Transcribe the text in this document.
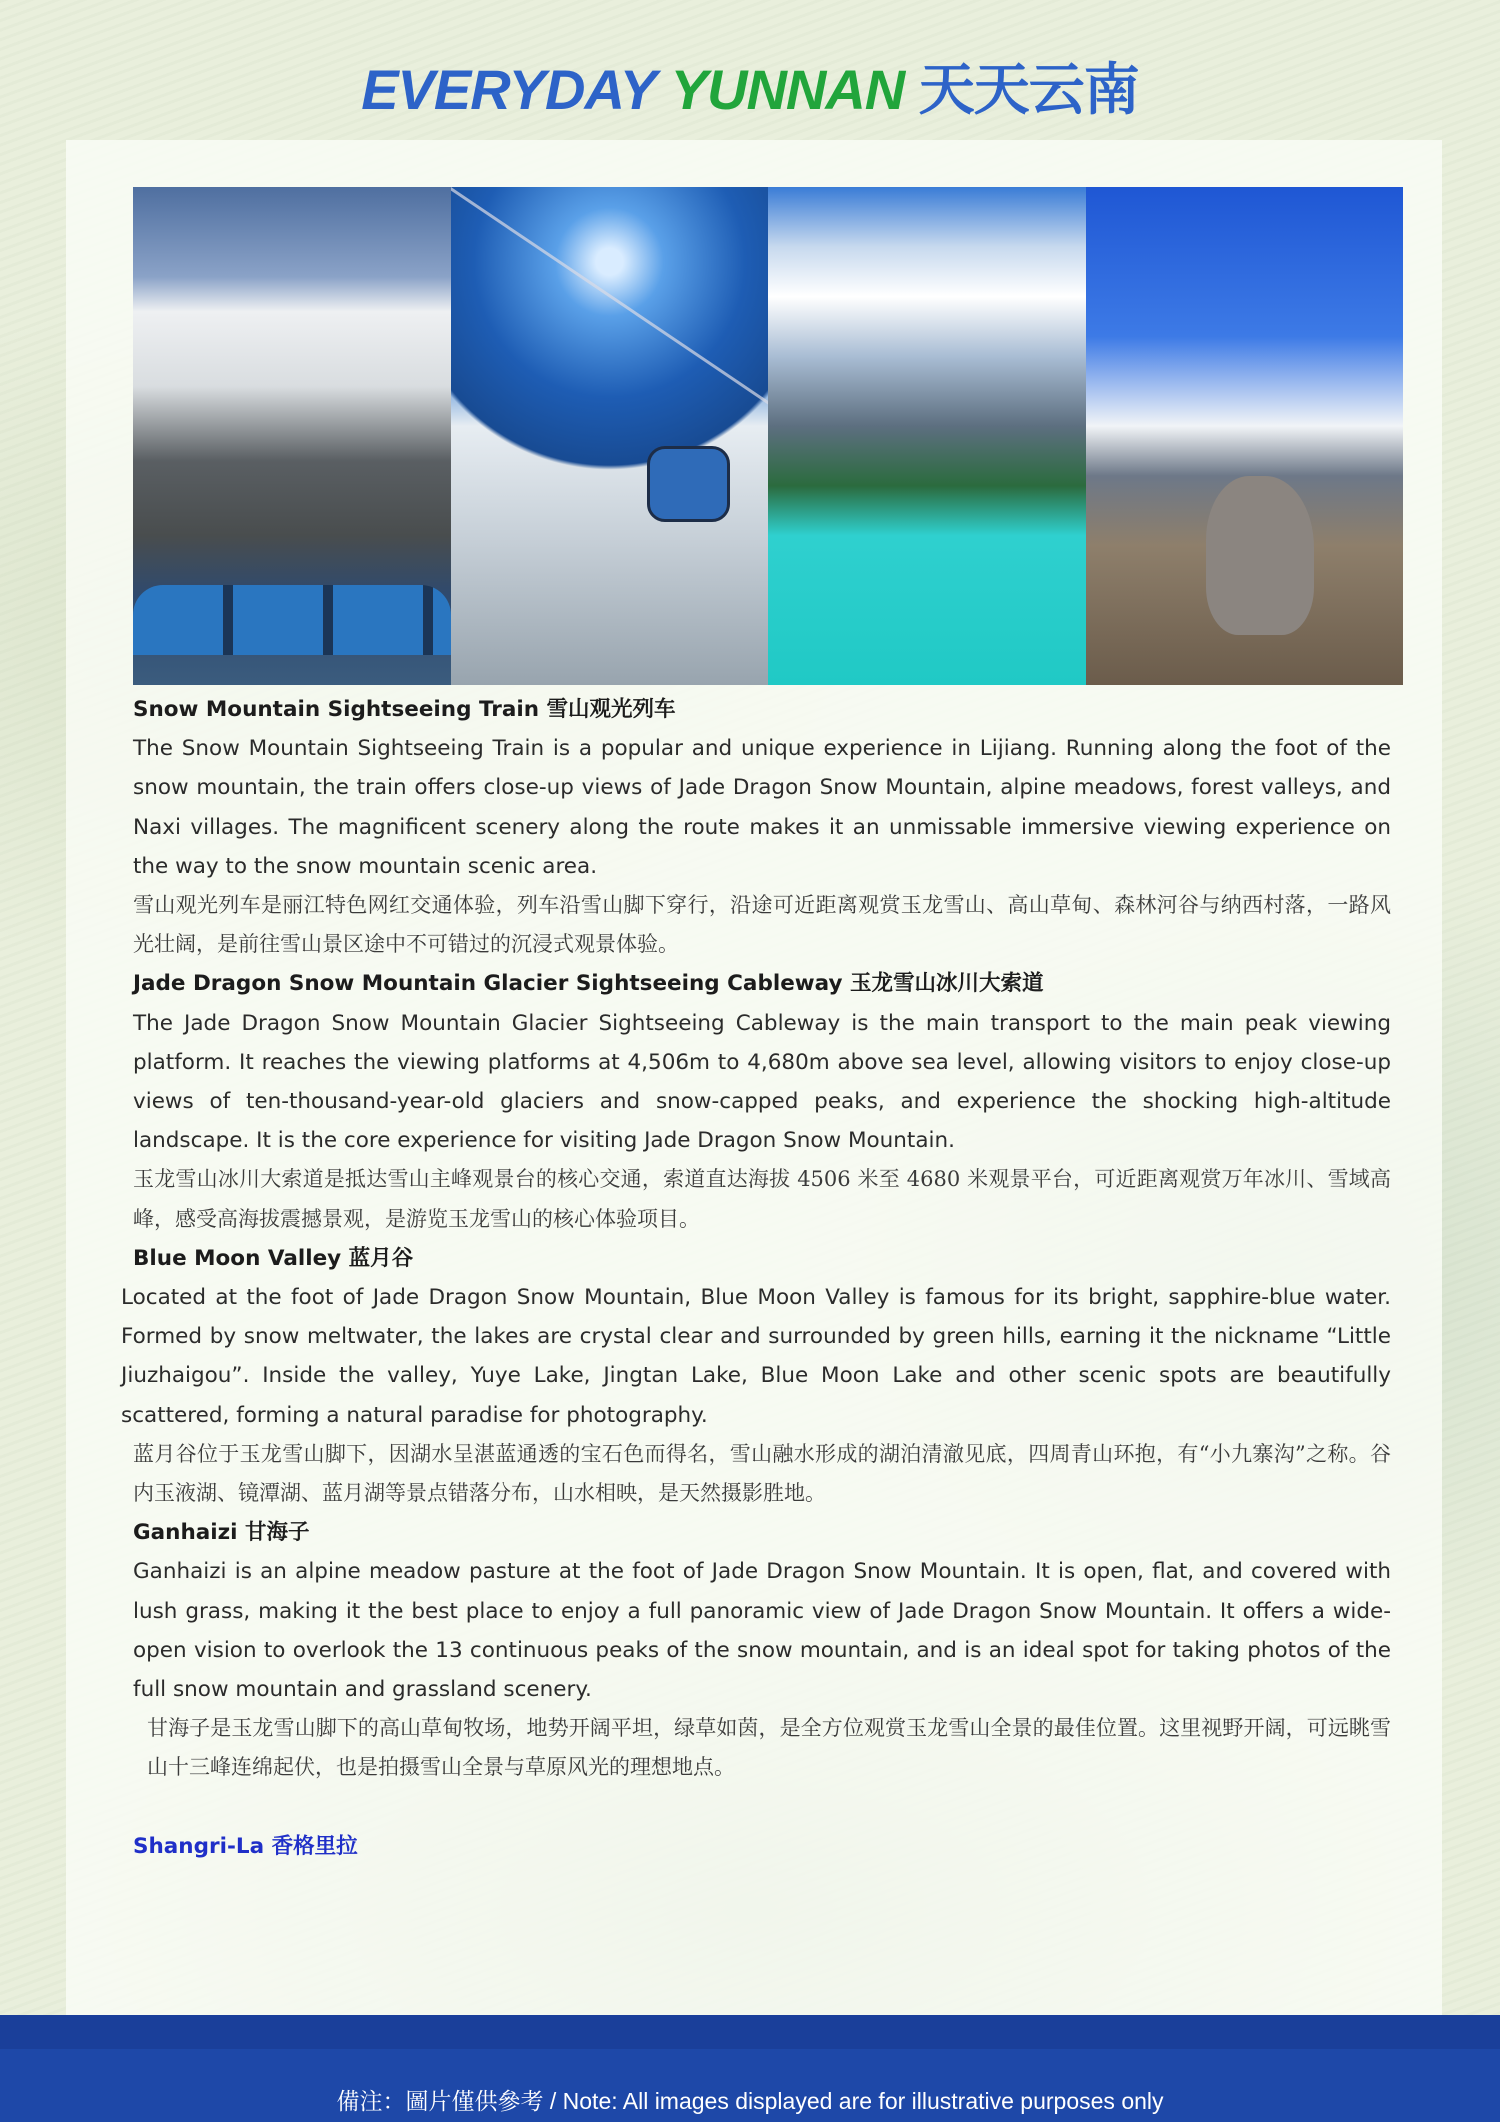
EVERYDAY YUNNAN 天天云南
Snow Mountain Sightseeing Train 雪山观光列车
The Snow Mountain Sightseeing Train is a popular and unique experience in Lijiang. Running along the foot of the snow mountain, the train offers close-up views of Jade Dragon Snow Mountain, alpine meadows, forest valleys, and Naxi villages. The magnificent scenery along the route makes it an unmissable immersive viewing experience on the way to the snow mountain scenic area.
雪山观光列车是丽江特色网红交通体验，列车沿雪山脚下穿行，沿途可近距离观赏玉龙雪山、高山草甸、森林河谷与纳西村落，一路风光壮阔，是前往雪山景区途中不可错过的沉浸式观景体验。
Jade Dragon Snow Mountain Glacier Sightseeing Cableway 玉龙雪山冰川大索道
The Jade Dragon Snow Mountain Glacier Sightseeing Cableway is the main transport to the main peak viewing platform. It reaches the viewing platforms at 4,506m to 4,680m above sea level, allowing visitors to enjoy close-up views of ten-thousand-year-old glaciers and snow-capped peaks, and experience the shocking high-altitude landscape. It is the core experience for visiting Jade Dragon Snow Mountain.
玉龙雪山冰川大索道是抵达雪山主峰观景台的核心交通，索道直达海拔 4506 米至 4680 米观景平台，可近距离观赏万年冰川、雪域高峰，感受高海拔震撼景观，是游览玉龙雪山的核心体验项目。
Blue Moon Valley 蓝月谷
Located at the foot of Jade Dragon Snow Mountain, Blue Moon Valley is famous for its bright, sapphire-blue water. Formed by snow meltwater, the lakes are crystal clear and surrounded by green hills, earning it the nickname “Little Jiuzhaigou”. Inside the valley, Yuye Lake, Jingtan Lake, Blue Moon Lake and other scenic spots are beautifully scattered, forming a natural paradise for photography.
蓝月谷位于玉龙雪山脚下，因湖水呈湛蓝通透的宝石色而得名，雪山融水形成的湖泊清澈见底，四周青山环抱，有“小九寨沟”之称。谷内玉液湖、镜潭湖、蓝月湖等景点错落分布，山水相映，是天然摄影胜地。
Ganhaizi 甘海子
Ganhaizi is an alpine meadow pasture at the foot of Jade Dragon Snow Mountain. It is open, flat, and covered with lush grass, making it the best place to enjoy a full panoramic view of Jade Dragon Snow Mountain. It offers a wide-open vision to overlook the 13 continuous peaks of the snow mountain, and is an ideal spot for taking photos of the full snow mountain and grassland scenery.
甘海子是玉龙雪山脚下的高山草甸牧场，地势开阔平坦，绿草如茵，是全方位观赏玉龙雪山全景的最佳位置。这里视野开阔，可远眺雪山十三峰连绵起伏，也是拍摄雪山全景与草原风光的理想地点。
Shangri-La 香格里拉
備注：圖片僅供參考 / Note: All images displayed are for illustrative purposes only
